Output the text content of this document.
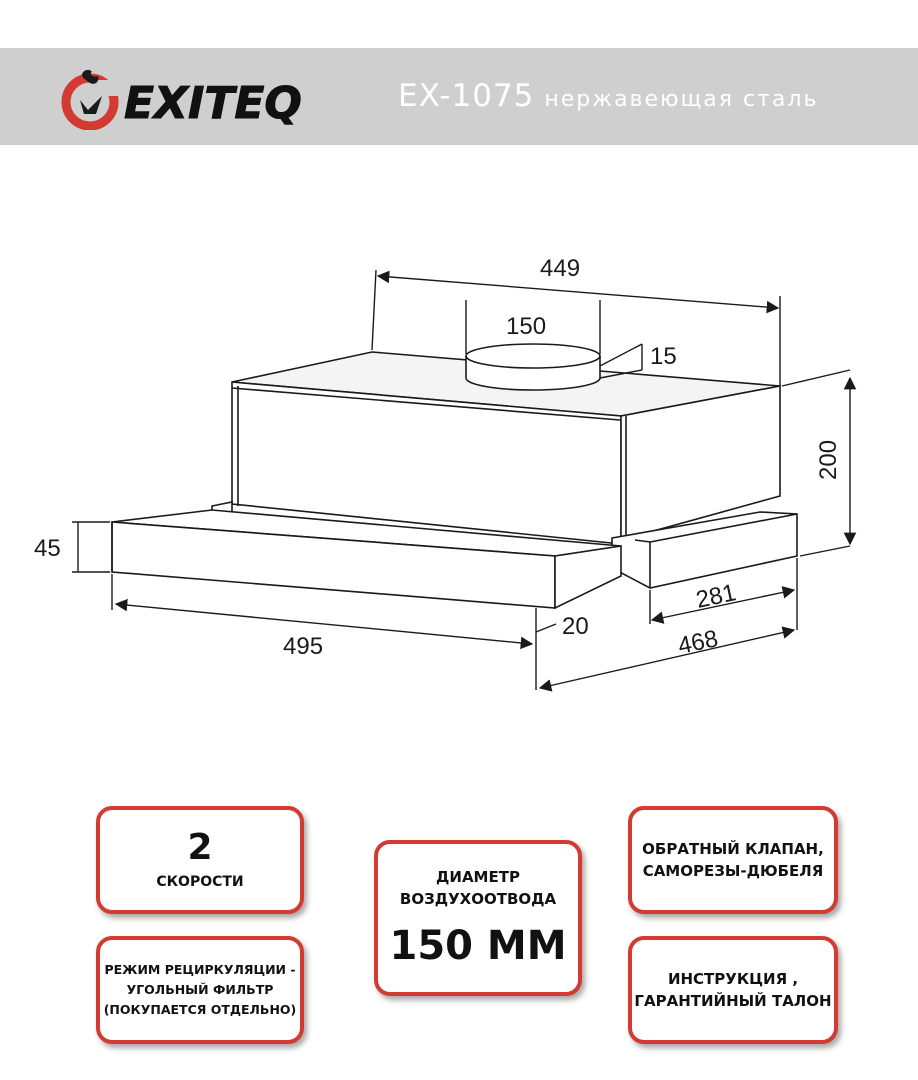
EXITEQ	EX-1075 нержавеющая сталь
449
150
15
200
45
495
20
281
468
2
СКОРОСТИ
РЕЖИМ РЕЦИРКУЛЯЦИИ -
УГОЛЬНЫЙ ФИЛЬТР
(ПОКУПАЕТСЯ ОТДЕЛЬНО)
ДИАМЕТР
ВОЗДУХООТВОДА
150 ММ
ОБРАТНЫЙ КЛАПАН,
САМОРЕЗЫ-ДЮБЕЛЯ
ИНСТРУКЦИЯ ,
ГАРАНТИЙНЫЙ ТАЛОН
